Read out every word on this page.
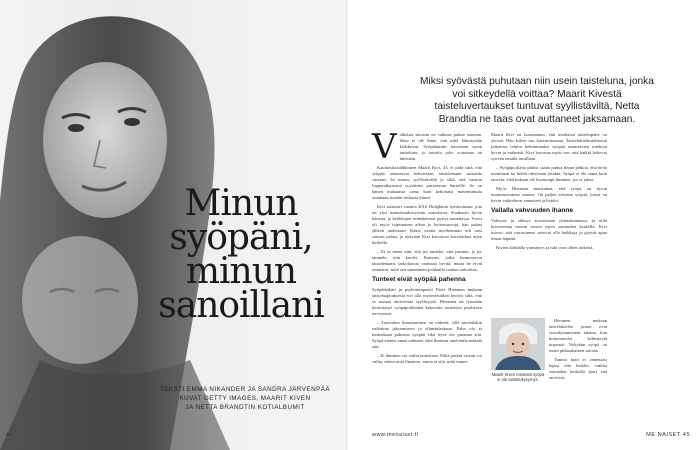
Minun
syöpäni,
minun
sanoillani
TEKSTI EMMA NIKANDER JA SANDRA JÄRVENPÄÄ
KUVAT GETTY IMAGES, MAARIT KIVEN
JA NETTA BRANDTIN KOTIALBUMIT
44
Miksi syövästä puhutaan niin usein taisteluna, jonka voi sitkeydellä voittaa? Maarit Kivestä taisteluvertaukset tuntuvat syyllistäviltä, Netta Brandtia ne taas ovat auttaneet jaksamaan.
V alkeista asioista on vaikeaa puhua suoraan. Siksi ei ole ihme, että niitä lähestytään kielikuvin. Syöpähuttiin havaitaan usein taisteluna, ja taistelu joko voitetaan tai hävitään.

Kauhavalaislähtöinen Maarit Kivi, 43, ei pidä siitä, että syöpää sairastavat kehotetaan taistelemaan sairautta vastaan. Se tuntuu syyllistävältä ja siltä, että vastoin loppuratkaisusta syytäisiin sairastuvan harteille. Se on hänen mukaansa sama kuin kehottaisi masentunutta ottamaan itseään niskasta kiinni.

Kivi sairastui vuonna 2016 Hodgkinin lymfoomaan, jota on yksi imusolmukesyövän muodoista. Kuukausi hyvin karusta, ja keuhkojen eräänlaisena pystyi sairaalassa. Vuosi oli myös toipumisen aikaa ja hoitomuotoja, hän palasi jälleen uudestaan. Kaksi vuotta myöhemmin tuli uusi sairaus palasi, ja nykyään Kivi kasvattaa kasvitarhaa arjen keskellä.

– Ei se mene niin, että jos tuntelet, niin paranet, ja jos tainnele, niin kuolet. Ilmiseni, jotka kunnostavat taistelemaan, tarkoittavat varmasti hyvää, mutta he eivät ymmärrä, mitä sen sanominen potilaalle saattaa tarkoittaa.

Tunteet eivät syöpää pahenna

Syöpälääkäri ja psykoterapeutti Päivi Hietanen mukaan taisteluajatuksesta voi olla myönteistäkin hyötyä siltä, että se saattaa aktivoittaa syyllisyytä. Hietanen on työssään keskittynyt syöpäpotilaiden kokemiin tunteisiin psykiseen terveyteen.

– Tunteiden ilmaiseminen on tärkeää, sillä mielialakin vaikuttaa jaksamiseen ja elämänlaatuun. Paha olo ei kuitenkaan pahenna syöpää eikä hyvä olo paranna sitä. Syöpä etenee omaa tahtiaan, eikä ihmisen mielentila määrää sitä.

– Ei ihminen voi valita tunteitaan. Ehkä jonkin verran voi valita, miten niitä ilmaisee, mutta ei sitä, mitä tuntee.

Maarit Kivi on huomannut, että mediassa taistelupuhe on yleistä. Hän kokee sen kuormittavana. Taistelukielimielisessä julkaisua tehtiin kehuimmaksi syöpää sairastavien mielissä hyvin ja vaikeasti. Kivi korostaa myös sen, että kaikki kokevat syövän omalla tavallaan.

– Syöpäpotilaita pitäisi saada puhua ilman pelkoa, että heitä tuomitaan tai heiltä odotetaan jotakin. Syöpä ei ole sama kuin taistelu, eikä kukaan ole huonompi ihminen, jos ei jaksa.

Myös Hietanen muistuttaa, että syöpä on hyvin monimuotoinen sairaus. On paljon erilaisia syöpiä, joissa on hyvin vaihtelevat ennusteet ja hoidot.

Vallalla vahvuuden ihanne

Vahvuus ja sitkeys arvostetaan yhteiskunnassa, ja niitä korostetaan monin tavoin myös sairauden keskellä. Kivi toivoo, että sairastuneet saisivat olla heikkoja ja pyytää apua ilman häpeää.

Kivien kohdalla ymmärrys ja tuki ovat olleet tärkeitä.

Maarit Kiven mielestä syöpä ei ole taistelukysymys.

Hietanen mukaan taistelukielen juuret ovat vuosikymmenten takana, kun hoitomuodot kehittyivät nopeasti. Nykyään syöpä on usein pitkäaikainen sairaus.

Tuntuu kuin ei annettaisi lupaa olla heikko, vaikka sairauden keskellä juuri sitä tarvitsisi.

www.menaiset.fi	ME NAISET 45
